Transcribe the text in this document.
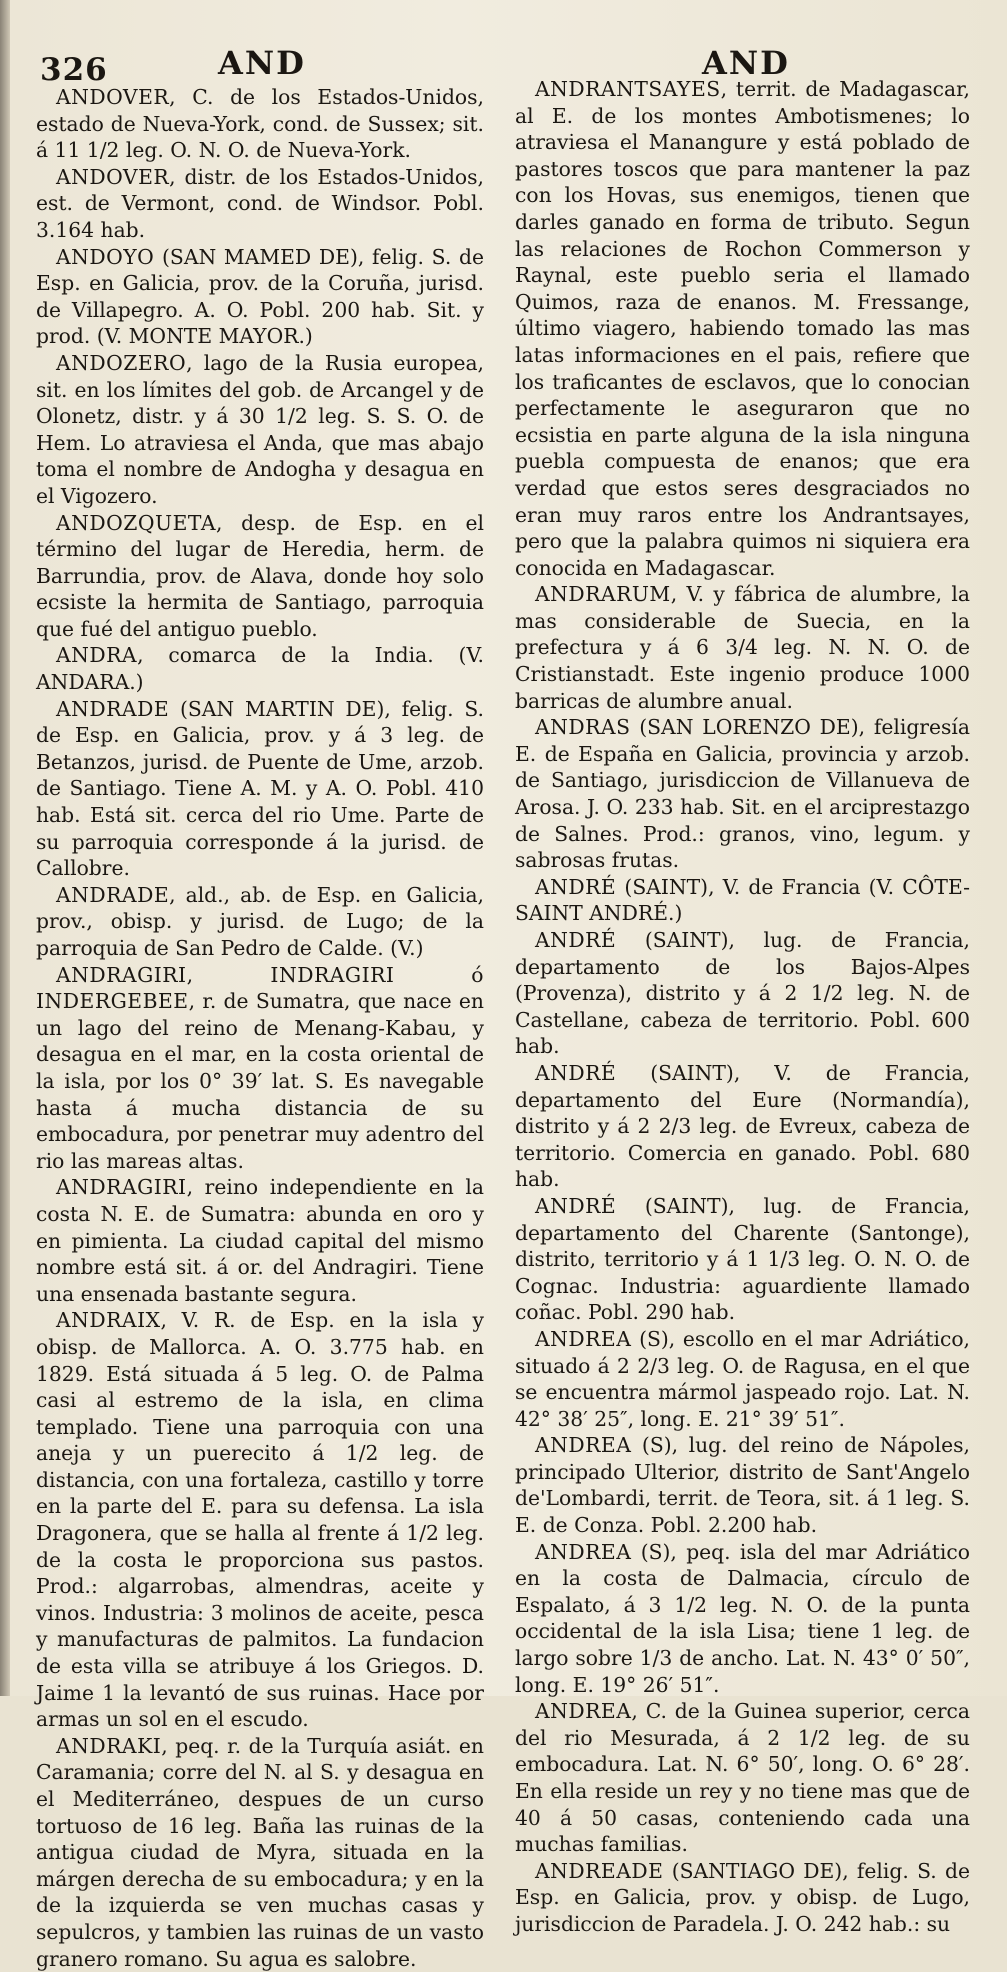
326	AND	AND

ANDOVER, C. de los Estados-Unidos, estado de Nueva-York, cond. de Sussex; sit. á 11 1/2 leg. O. N. O. de Nueva-York.

ANDOVER, distr. de los Estados-Unidos, est. de Vermont, cond. de Windsor. Pobl. 3.164 hab.

ANDOYO (SAN MAMED DE), felig. S. de Esp. en Galicia, prov. de la Coruña, jurisd. de Villapegro. A. O. Pobl. 200 hab. Sit. y prod. (V. MONTE MAYOR.)

ANDOZERO, lago de la Rusia europea, sit. en los límites del gob. de Arcangel y de Olonetz, distr. y á 30 1/2 leg. S. S. O. de Hem. Lo atraviesa el Anda, que mas abajo toma el nombre de Andogha y desagua en el Vigozero.

ANDOZQUETA, desp. de Esp. en el término del lugar de Heredia, herm. de Barrundia, prov. de Alava, donde hoy solo ecsiste la hermita de Santiago, parroquia que fué del antiguo pueblo.

ANDRA, comarca de la India. (V. ANDARA.)

ANDRADE (SAN MARTIN DE), felig. S. de Esp. en Galicia, prov. y á 3 leg. de Betanzos, jurisd. de Puente de Ume, arzob. de Santiago. Tiene A. M. y A. O. Pobl. 410 hab. Está sit. cerca del rio Ume. Parte de su parroquia corresponde á la jurisd. de Callobre.

ANDRADE, ald., ab. de Esp. en Galicia, prov., obisp. y jurisd. de Lugo; de la parroquia de San Pedro de Calde. (V.)

ANDRAGIRI, INDRAGIRI ó INDERGEBEE, r. de Sumatra, que nace en un lago del reino de Menang-Kabau, y desagua en el mar, en la costa oriental de la isla, por los 0° 39′ lat. S. Es navegable hasta á mucha distancia de su embocadura, por penetrar muy adentro del rio las mareas altas.

ANDRAGIRI, reino independiente en la costa N. E. de Sumatra: abunda en oro y en pimienta. La ciudad capital del mismo nombre está sit. á or. del Andragiri. Tiene una ensenada bastante segura.

ANDRAIX, V. R. de Esp. en la isla y obisp. de Mallorca. A. O. 3.775 hab. en 1829. Está situada á 5 leg. O. de Palma casi al estremo de la isla, en clima templado. Tiene una parroquia con una aneja y un puerecito á 1/2 leg. de distancia, con una fortaleza, castillo y torre en la parte del E. para su defensa. La isla Dragonera, que se halla al frente á 1/2 leg. de la costa le proporciona sus pastos. Prod.: algarrobas, almendras, aceite y vinos. Industria: 3 molinos de aceite, pesca y manufacturas de palmitos. La fundacion de esta villa se atribuye á los Griegos. D. Jaime 1 la levantó de sus ruinas. Hace por armas un sol en el escudo.

ANDRAKI, peq. r. de la Turquía asiát. en Caramania; corre del N. al S. y desagua en el Mediterráneo, despues de un curso tortuoso de 16 leg. Baña las ruinas de la antigua ciudad de Myra, situada en la márgen derecha de su embocadura; y en la de la izquierda se ven muchas casas y sepulcros, y tambien las ruinas de un vasto granero romano. Su agua es salobre.

ANDRANTSAYES, territ. de Madagascar, al E. de los montes Ambotismenes; lo atraviesa el Manangure y está poblado de pastores toscos que para mantener la paz con los Hovas, sus enemigos, tienen que darles ganado en forma de tributo. Segun las relaciones de Rochon Commerson y Raynal, este pueblo seria el llamado Quimos, raza de enanos. M. Fressange, último viagero, habiendo tomado las mas latas informaciones en el pais, refiere que los traficantes de esclavos, que lo conocian perfectamente le aseguraron que no ecsistia en parte alguna de la isla ninguna puebla compuesta de enanos; que era verdad que estos seres desgraciados no eran muy raros entre los Andrantsayes, pero que la palabra quimos ni siquiera era conocida en Madagascar.

ANDRARUM, V. y fábrica de alumbre, la mas considerable de Suecia, en la prefectura y á 6 3/4 leg. N. N. O. de Cristianstadt. Este ingenio produce 1000 barricas de alumbre anual.

ANDRAS (SAN LORENZO DE), feligresía E. de España en Galicia, provincia y arzob. de Santiago, jurisdiccion de Villanueva de Arosa. J. O. 233 hab. Sit. en el arciprestazgo de Salnes. Prod.: granos, vino, legum. y sabrosas frutas.

ANDRÉ (SAINT), V. de Francia (V. CÔTE-SAINT ANDRÉ.)

ANDRÉ (SAINT), lug. de Francia, departamento de los Bajos-Alpes (Provenza), distrito y á 2 1/2 leg. N. de Castellane, cabeza de territorio. Pobl. 600 hab.

ANDRÉ (SAINT), V. de Francia, departamento del Eure (Normandía), distrito y á 2 2/3 leg. de Evreux, cabeza de territorio. Comercia en ganado. Pobl. 680 hab.

ANDRÉ (SAINT), lug. de Francia, departamento del Charente (Santonge), distrito, territorio y á 1 1/3 leg. O. N. O. de Cognac. Industria: aguardiente llamado coñac. Pobl. 290 hab.

ANDREA (S), escollo en el mar Adriático, situado á 2 2/3 leg. O. de Ragusa, en el que se encuentra mármol jaspeado rojo. Lat. N. 42° 38′ 25″, long. E. 21° 39′ 51″.

ANDREA (S), lug. del reino de Nápoles, principado Ulterior, distrito de Sant'Angelo de'Lombardi, territ. de Teora, sit. á 1 leg. S. E. de Conza. Pobl. 2.200 hab.

ANDREA (S), peq. isla del mar Adriático en la costa de Dalmacia, círculo de Espalato, á 3 1/2 leg. N. O. de la punta occidental de la isla Lisa; tiene 1 leg. de largo sobre 1/3 de ancho. Lat. N. 43° 0′ 50″, long. E. 19° 26′ 51″.

ANDREA, C. de la Guinea superior, cerca del rio Mesurada, á 2 1/2 leg. de su embocadura. Lat. N. 6° 50′, long. O. 6° 28′. En ella reside un rey y no tiene mas que de 40 á 50 casas, conteniendo cada una muchas familias.

ANDREADE (SANTIAGO DE), felig. S. de Esp. en Galicia, prov. y obisp. de Lugo, jurisdiccion de Paradela. J. O. 242 hab.: su
